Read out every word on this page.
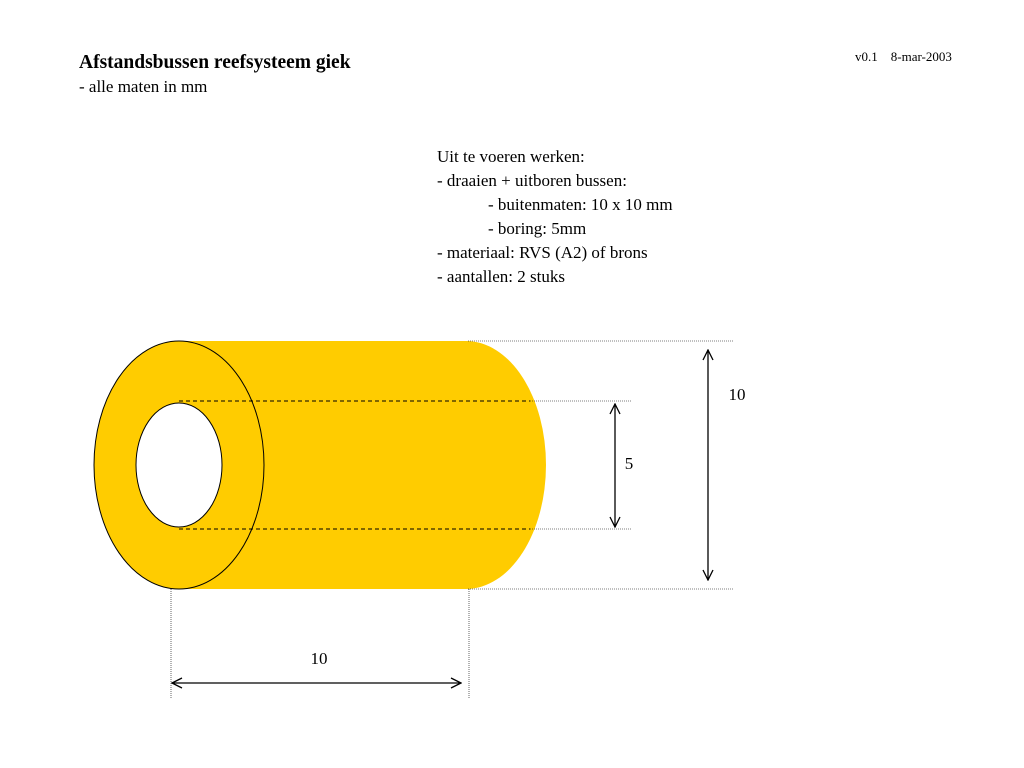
Afstandsbussen reefsysteem giek

- alle maten in mm

v0.1 8-mar-2003
Uit te voeren werken:
- draaien + uitboren bussen:
- buitenmaten: 10 x 10 mm
- boring: 5mm
- materiaal: RVS (A2) of brons
- aantallen: 2 stuks
10
5
10
